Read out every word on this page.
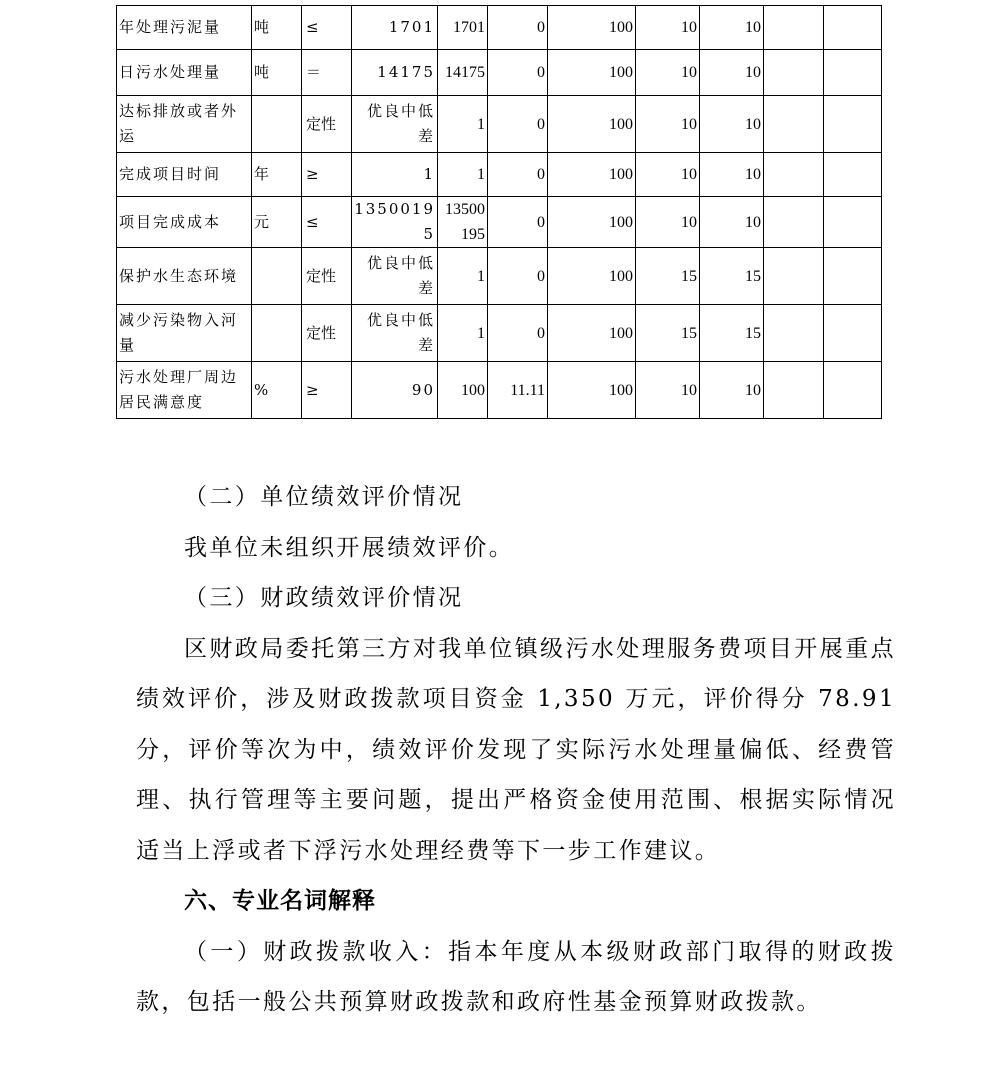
年处理污泥量	吨	≤	1701	1701	0	100	10	10		
日污水处理量	吨	＝	14175	14175	0	100	10	10		
达标排放或者外运		定性	优良中低差	1	0	100	10	10		
完成项目时间	年	≥	1	1	0	100	10	10		
项目完成成本	元	≤	13500195	13500195	0	100	10	10		
保护水生态环境		定性	优良中低差	1	0	100	15	15		
减少污染物入河量		定性	优良中低差	1	0	100	15	15		
污水处理厂周边居民满意度	%	≥	90	100	11.11	100	10	10		

（二）单位绩效评价情况

我单位未组织开展绩效评价。

（三）财政绩效评价情况

区财政局委托第三方对我单位镇级污水处理服务费项目开展重点绩效评价，涉及财政拨款项目资金 1,350 万元，评价得分 78.91 分，评价等次为中，绩效评价发现了实际污水处理量偏低、经费管理、执行管理等主要问题，提出严格资金使用范围、根据实际情况适当上浮或者下浮污水处理经费等下一步工作建议。

六、专业名词解释

（一）财政拨款收入：指本年度从本级财政部门取得的财政拨款，包括一般公共预算财政拨款和政府性基金预算财政拨款。
